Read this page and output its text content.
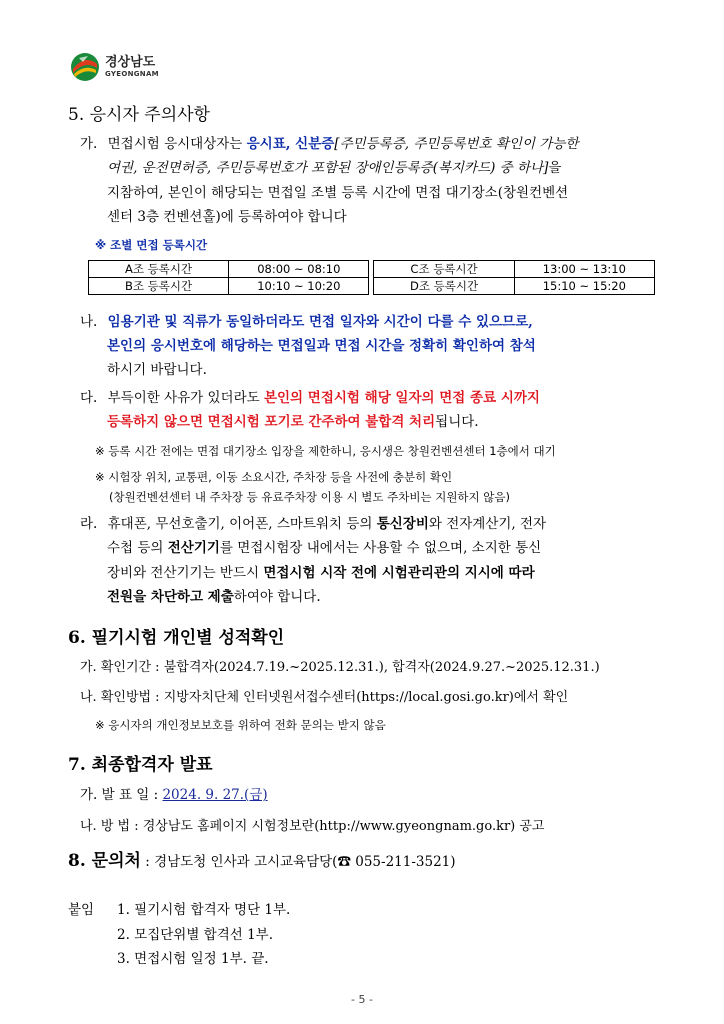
경상남도
GYEONGNAM
5. 응시자 주의사항
가. 면접시험 응시대상자는 응시표, 신분증[주민등록증, 주민등록번호 확인이 가능한
여권, 운전면허증, 주민등록번호가 포함된 장애인등록증(복지카드) 중 하나]을
지참하여, 본인이 해당되는 면접일 조별 등록 시간에 면접 대기장소(창원컨벤션
센터 3층 컨벤션홀)에 등록하여야 합니다
※ 조별 면접 등록시간
A조 등록시간	08:00 ~ 08:10		C조 등록시간	13:00 ~ 13:10
B조 등록시간	10:10 ~ 10:20		D조 등록시간	15:10 ~ 15:20
나. 임용기관 및 직류가 동일하더라도 면접 일자와 시간이 다를 수 있으므로,
본인의 응시번호에 해당하는 면접일과 면접 시간을 정확히 확인하여 참석
하시기 바랍니다.
다. 부득이한 사유가 있더라도 본인의 면접시험 해당 일자의 면접 종료 시까지
등록하지 않으면 면접시험 포기로 간주하여 불합격 처리됩니다.
※ 등록 시간 전에는 면접 대기장소 입장을 제한하니, 응시생은 창원컨벤션센터 1층에서 대기
※ 시험장 위치, 교통편, 이동 소요시간, 주차장 등을 사전에 충분히 확인
(창원컨벤션센터 내 주차장 등 유료주차장 이용 시 별도 주차비는 지원하지 않음)
라. 휴대폰, 무선호출기, 이어폰, 스마트워치 등의 통신장비와 전자계산기, 전자
수첩 등의 전산기기를 면접시험장 내에서는 사용할 수 없으며, 소지한 통신
장비와 전산기기는 반드시 면접시험 시작 전에 시험관리관의 지시에 따라
전원을 차단하고 제출하여야 합니다.
6. 필기시험 개인별 성적확인
가. 확인기간 : 불합격자(2024.7.19.~2025.12.31.), 합격자(2024.9.27.~2025.12.31.)
나. 확인방법 : 지방자치단체 인터넷원서접수센터(https://local.gosi.go.kr)에서 확인
※ 응시자의 개인정보보호를 위하여 전화 문의는 받지 않음
7. 최종합격자 발표
가. 발 표 일 : 2024. 9. 27.(금)
나. 방 법 : 경상남도 홈페이지 시험정보란(http://www.gyeongnam.go.kr) 공고
8. 문의처 : 경남도청 인사과 고시교육담당(☎ 055-211-3521)
붙임 1. 필기시험 합격자 명단 1부.
2. 모집단위별 합격선 1부.
3. 면접시험 일정 1부. 끝.
- 5 -
